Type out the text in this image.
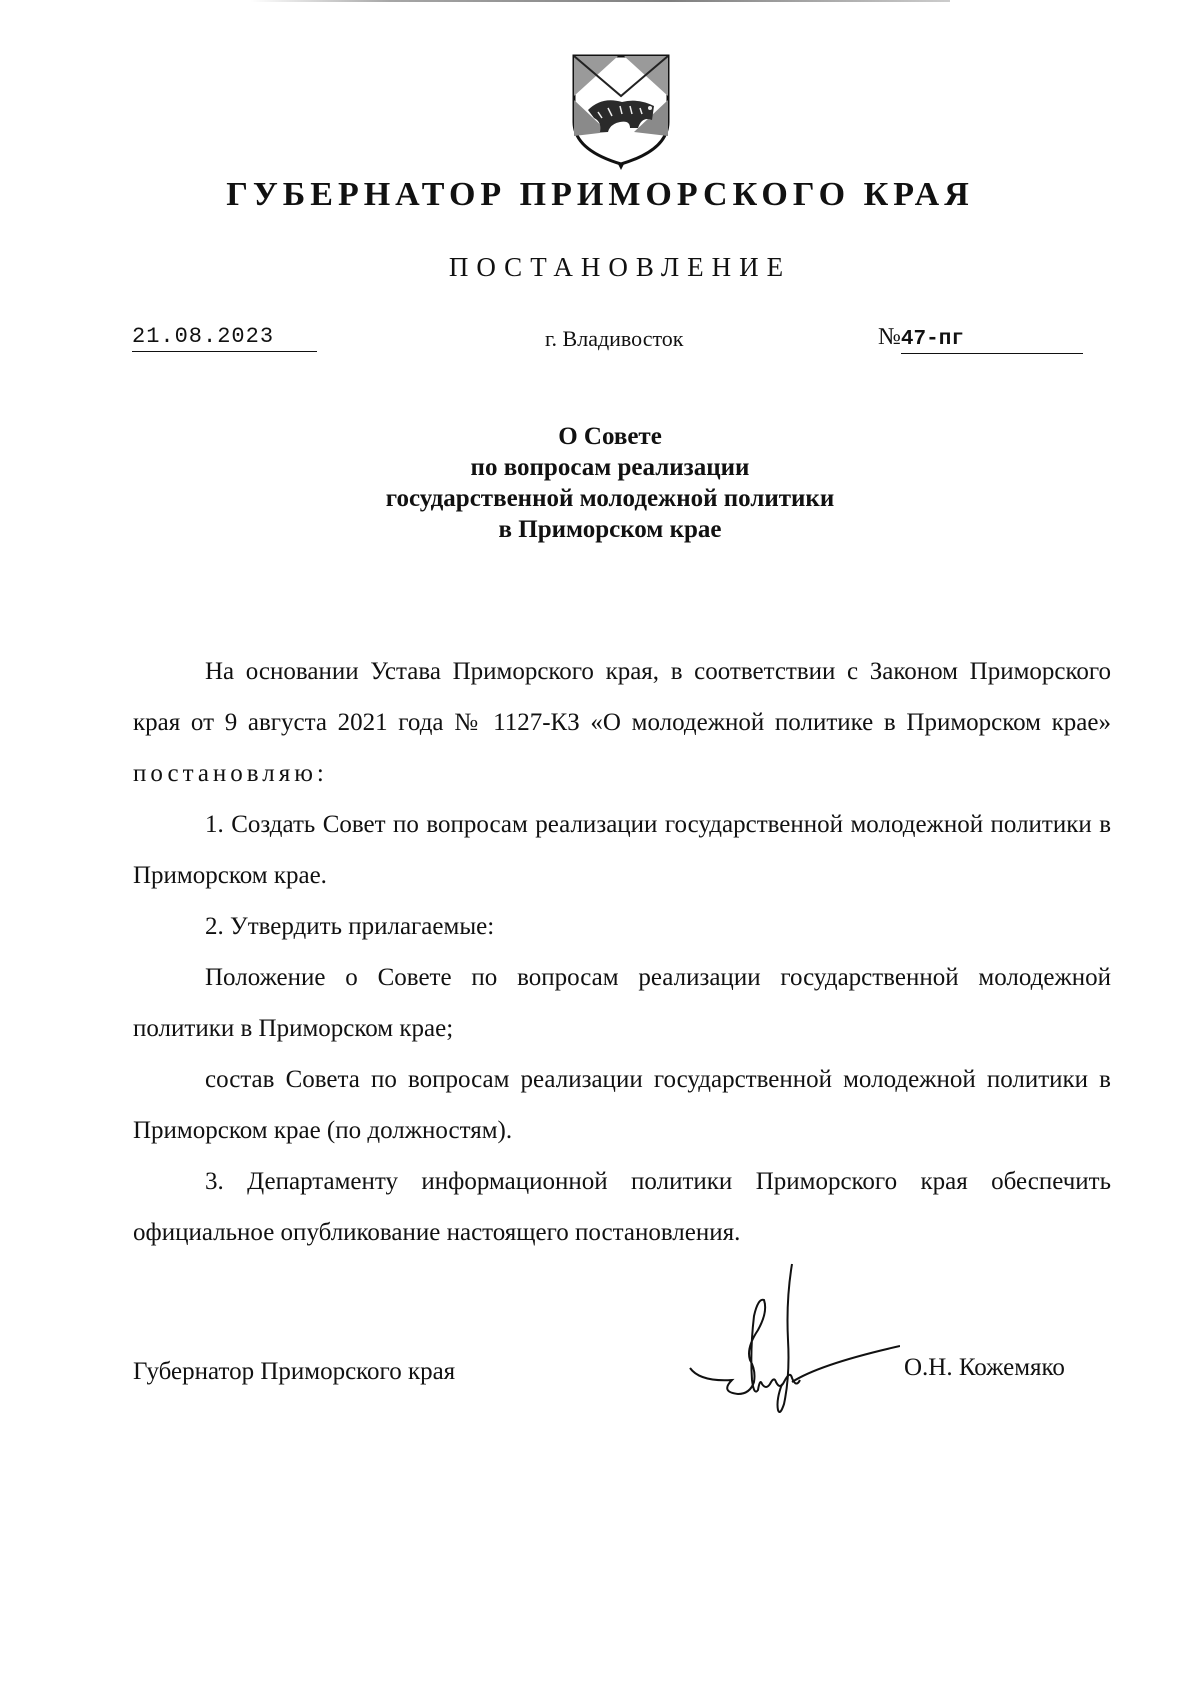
ГУБЕРНАТОР ПРИМОРСКОГО КРАЯ
ПОСТАНОВЛЕНИЕ
21.08.2023	г. Владивосток	№47-пг
О Совете
по вопросам реализации
государственной молодежной политики
в Приморском крае

На основании Устава Приморского края, в соответствии с Законом Приморского края от 9 августа 2021 года № 1127-КЗ «О молодежной политике в Приморском крае» постановляю:

1. Создать Совет по вопросам реализации государственной молодежной политики в Приморском крае.

2. Утвердить прилагаемые:

Положение о Совете по вопросам реализации государственной молодежной политики в Приморском крае;

состав Совета по вопросам реализации государственной молодежной политики в Приморском крае (по должностям).

3. Департаменту информационной политики Приморского края обеспечить официальное опубликование настоящего постановления.

Губернатор Приморского края	О.Н. Кожемяко
